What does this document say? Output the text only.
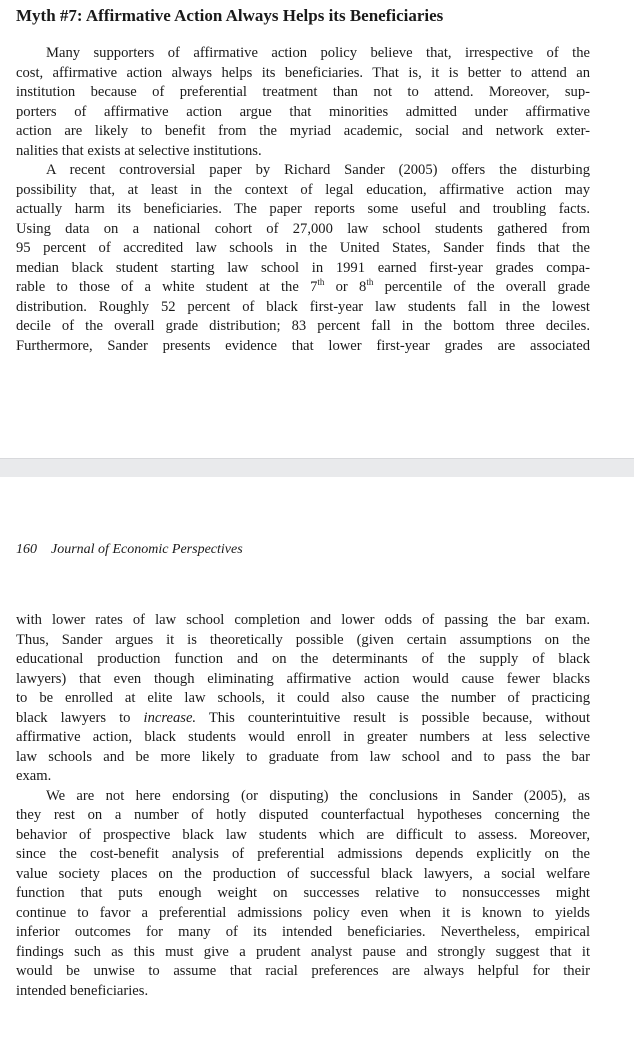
Myth #7: Affirmative Action Always Helps its Beneficiaries
Many supporters of affirmative action policy believe that, irrespective of the
cost, affirmative action always helps its beneficiaries. That is, it is better to attend an
institution because of preferential treatment than not to attend. Moreover, sup-
porters of affirmative action argue that minorities admitted under affirmative
action are likely to benefit from the myriad academic, social and network exter-
nalities that exists at selective institutions.
A recent controversial paper by Richard Sander (2005) offers the disturbing
possibility that, at least in the context of legal education, affirmative action may
actually harm its beneficiaries. The paper reports some useful and troubling facts.
Using data on a national cohort of 27,000 law school students gathered from
95 percent of accredited law schools in the United States, Sander finds that the
median black student starting law school in 1991 earned first-year grades compa-
rable to those of a white student at the 7th or 8th percentile of the overall grade
distribution. Roughly 52 percent of black first-year law students fall in the lowest
decile of the overall grade distribution; 83 percent fall in the bottom three deciles.
Furthermore, Sander presents evidence that lower first-year grades are associated
160 Journal of Economic Perspectives
with lower rates of law school completion and lower odds of passing the bar exam.
Thus, Sander argues it is theoretically possible (given certain assumptions on the
educational production function and on the determinants of the supply of black
lawyers) that even though eliminating affirmative action would cause fewer blacks
to be enrolled at elite law schools, it could also cause the number of practicing
black lawyers to increase. This counterintuitive result is possible because, without
affirmative action, black students would enroll in greater numbers at less selective
law schools and be more likely to graduate from law school and to pass the bar
exam.
We are not here endorsing (or disputing) the conclusions in Sander (2005), as
they rest on a number of hotly disputed counterfactual hypotheses concerning the
behavior of prospective black law students which are difficult to assess. Moreover,
since the cost-benefit analysis of preferential admissions depends explicitly on the
value society places on the production of successful black lawyers, a social welfare
function that puts enough weight on successes relative to nonsuccesses might
continue to favor a preferential admissions policy even when it is known to yields
inferior outcomes for many of its intended beneficiaries. Nevertheless, empirical
findings such as this must give a prudent analyst pause and strongly suggest that it
would be unwise to assume that racial preferences are always helpful for their
intended beneficiaries.
